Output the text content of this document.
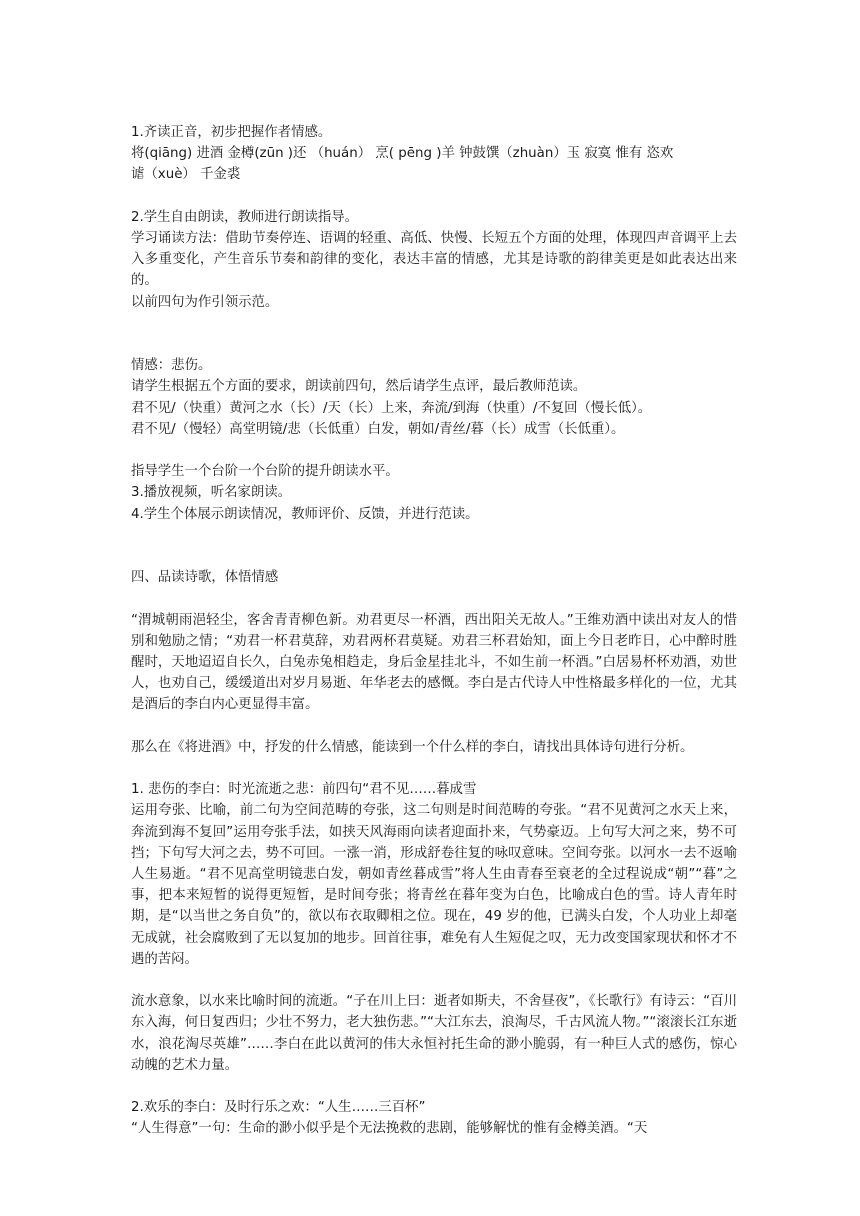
1.齐读正音，初步把握作者情感。

将(qiāng) 进酒 金樽(zūn )还 （huán） 烹( pēng )羊 钟鼓馔（zhuàn）玉 寂寞 惟有 恣欢

谑（xuè） 千金裘

2.学生自由朗读，教师进行朗读指导。

学习诵读方法：借助节奏停连、语调的轻重、高低、快慢、长短五个方面的处理，体现四声音调平上去入多重变化，产生音乐节奏和韵律的变化，表达丰富的情感，尤其是诗歌的韵律美更是如此表达出来的。

以前四句为作引领示范。

情感：悲伤。

请学生根据五个方面的要求，朗读前四句，然后请学生点评，最后教师范读。

君不见/（快重）黄河之水（长）/天（长）上来，奔流/到海（快重）/不复回（慢长低）。

君不见/（慢轻）高堂明镜/悲（长低重）白发，朝如/青丝/暮（长）成雪（长低重）。

指导学生一个台阶一个台阶的提升朗读水平。

3.播放视频，听名家朗读。

4.学生个体展示朗读情况，教师评价、反馈，并进行范读。

四、品读诗歌，体悟情感

“渭城朝雨浥轻尘，客舍青青柳色新。劝君更尽一杯酒，西出阳关无故人。”王维劝酒中读出对友人的惜别和勉励之情；“劝君一杯君莫辞，劝君两杯君莫疑。劝君三杯君始知，面上今日老昨日，心中醉时胜醒时，天地迢迢自长久，白兔赤兔相趋走，身后金星挂北斗，不如生前一杯酒。”白居易杯杯劝酒，劝世人，也劝自己，缓缓道出对岁月易逝、年华老去的感慨。李白是古代诗人中性格最多样化的一位，尤其是酒后的李白内心更显得丰富。

那么在《将进酒》中，抒发的什么情感，能读到一个什么样的李白，请找出具体诗句进行分析。

1. 悲伤的李白：时光流逝之悲：前四句“君不见……暮成雪

运用夸张、比喻，前二句为空间范畴的夸张，这二句则是时间范畴的夸张。“君不见黄河之水天上来，奔流到海不复回”运用夸张手法，如挟天风海雨向读者迎面扑来，气势豪迈。上句写大河之来，势不可挡；下句写大河之去，势不可回。一涨一消，形成舒卷往复的咏叹意味。空间夸张。以河水一去不返喻人生易逝。“君不见高堂明镜悲白发，朝如青丝暮成雪”将人生由青春至衰老的全过程说成“朝”“暮”之事，把本来短暂的说得更短暂，是时间夸张；将青丝在暮年变为白色，比喻成白色的雪。诗人青年时期，是“以当世之务自负”的，欲以布衣取卿相之位。现在，49 岁的他，已满头白发，个人功业上却毫无成就，社会腐败到了无以复加的地步。回首往事，难免有人生短促之叹，无力改变国家现状和怀才不遇的苦闷。

流水意象，以水来比喻时间的流逝。“子在川上曰：逝者如斯夫，不舍昼夜”，《长歌行》有诗云：“百川东入海，何日复西归；少壮不努力，老大独伤悲。”“大江东去，浪淘尽，千古风流人物。”“滚滚长江东逝水，浪花淘尽英雄”……李白在此以黄河的伟大永恒衬托生命的渺小脆弱，有一种巨人式的感伤，惊心动魄的艺术力量。

2.欢乐的李白：及时行乐之欢：“人生……三百杯”

“人生得意”一句：生命的渺小似乎是个无法挽救的悲剧，能够解忧的惟有金樽美酒。“天
